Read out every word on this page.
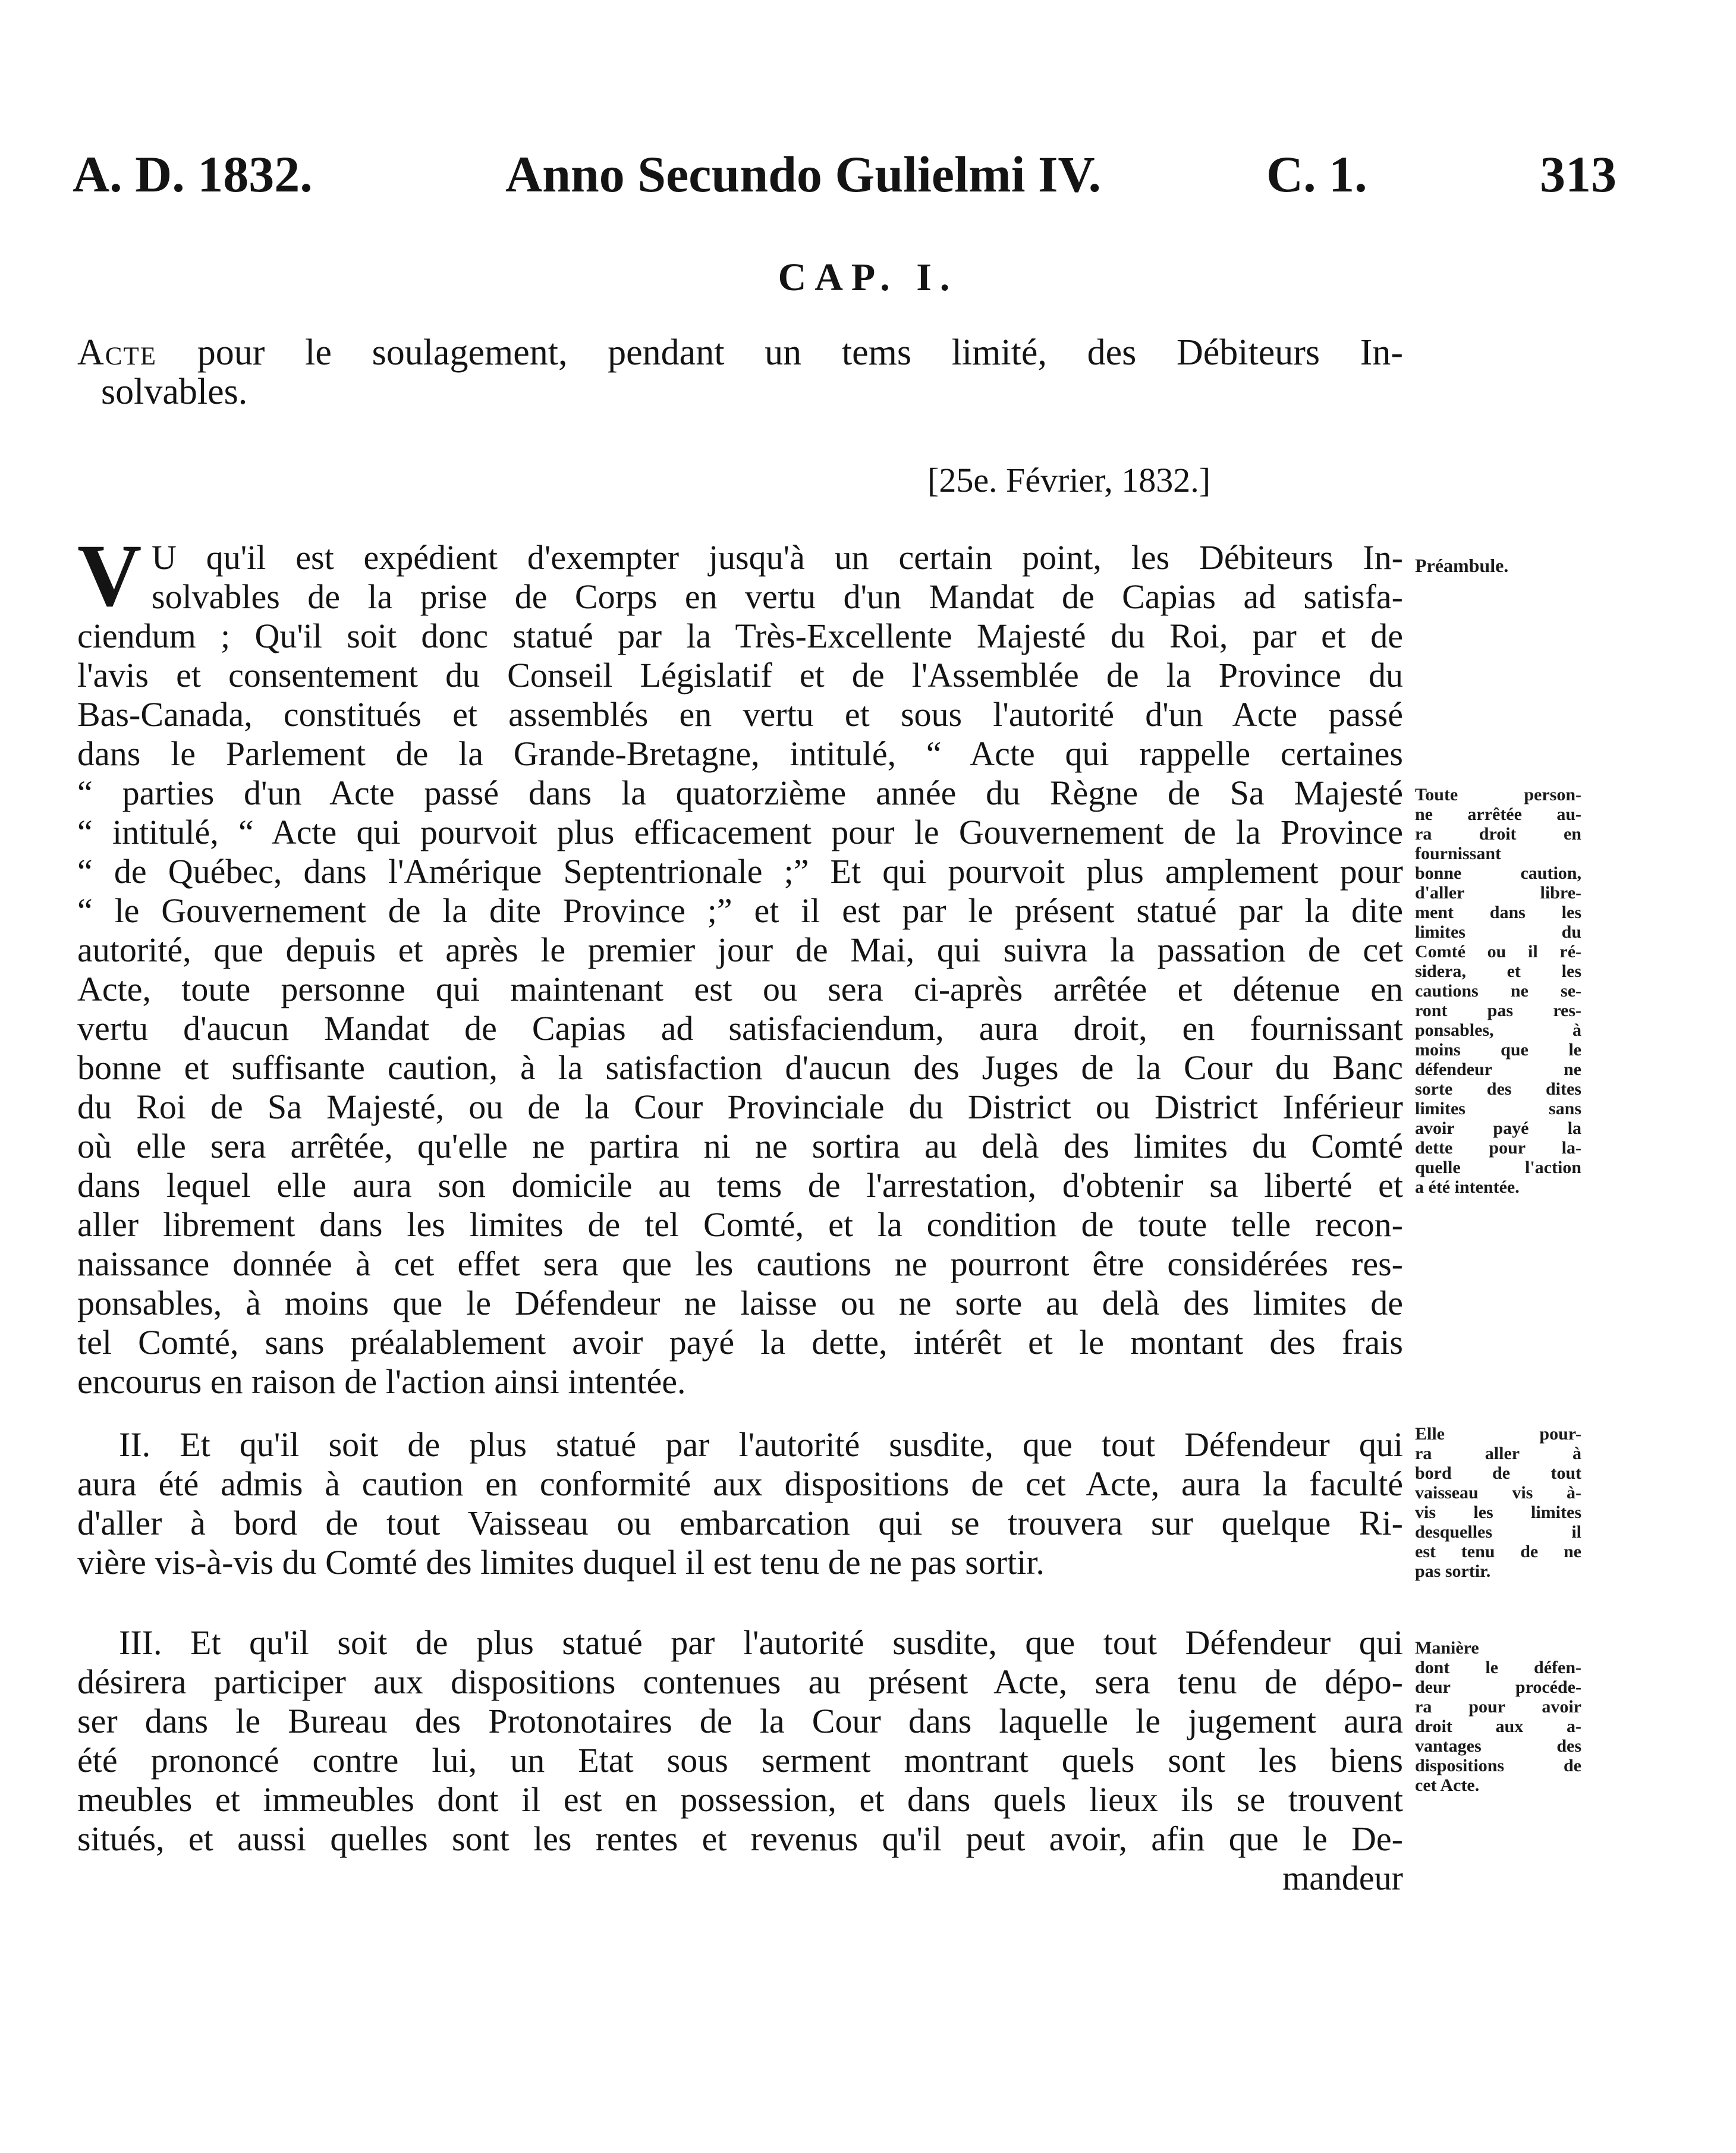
A. D. 1832.	Anno Secundo Gulielmi IV.	C. 1.	313
CAP. I.
Acte pour le soulagement, pendant un tems limité, des Débiteurs In-
solvables.
[25e. Février, 1832.]
V U qu'il est expédient d'exempter jusqu'à un certain point, les Débiteurs In-
solvables de la prise de Corps en vertu d'un Mandat de Capias ad satisfa-
ciendum ; Qu'il soit donc statué par la Très-Excellente Majesté du Roi, par et de
l'avis et consentement du Conseil Législatif et de l'Assemblée de la Province du
Bas-Canada, constitués et assemblés en vertu et sous l'autorité d'un Acte passé
dans le Parlement de la Grande-Bretagne, intitulé, “ Acte qui rappelle certaines
“ parties d'un Acte passé dans la quatorzième année du Règne de Sa Majesté
“ intitulé, “ Acte qui pourvoit plus efficacement pour le Gouvernement de la Province
“ de Québec, dans l'Amérique Septentrionale ;” Et qui pourvoit plus amplement pour
“ le Gouvernement de la dite Province ;” et il est par le présent statué par la dite
autorité, que depuis et après le premier jour de Mai, qui suivra la passation de cet
Acte, toute personne qui maintenant est ou sera ci-après arrêtée et détenue en
vertu d'aucun Mandat de Capias ad satisfaciendum, aura droit, en fournissant
bonne et suffisante caution, à la satisfaction d'aucun des Juges de la Cour du Banc
du Roi de Sa Majesté, ou de la Cour Provinciale du District ou District Inférieur
où elle sera arrêtée, qu'elle ne partira ni ne sortira au delà des limites du Comté
dans lequel elle aura son domicile au tems de l'arrestation, d'obtenir sa liberté et
aller librement dans les limites de tel Comté, et la condition de toute telle recon-
naissance donnée à cet effet sera que les cautions ne pourront être considérées res-
ponsables, à moins que le Défendeur ne laisse ou ne sorte au delà des limites de
tel Comté, sans préalablement avoir payé la dette, intérêt et le montant des frais
encourus en raison de l'action ainsi intentée.
II. Et qu'il soit de plus statué par l'autorité susdite, que tout Défendeur qui
aura été admis à caution en conformité aux dispositions de cet Acte, aura la faculté
d'aller à bord de tout Vaisseau ou embarcation qui se trouvera sur quelque Ri-
vière vis-à-vis du Comté des limites duquel il est tenu de ne pas sortir.
III. Et qu'il soit de plus statué par l'autorité susdite, que tout Défendeur qui
désirera participer aux dispositions contenues au présent Acte, sera tenu de dépo-
ser dans le Bureau des Protonotaires de la Cour dans laquelle le jugement aura
été prononcé contre lui, un Etat sous serment montrant quels sont les biens
meubles et immeubles dont il est en possession, et dans quels lieux ils se trouvent
situés, et aussi quelles sont les rentes et revenus qu'il peut avoir, afin que le De-
mandeur
Préambule.
Toute person-
ne arrêtée au-
ra droit en
fournissant
bonne caution,
d'aller libre-
ment dans les
limites du
Comté ou il ré-
sidera, et les
cautions ne se-
ront pas res-
ponsables, à
moins que le
défendeur ne
sorte des dites
limites sans
avoir payé la
dette pour la-
quelle l'action
a été intentée.
Elle pour-
ra aller à
bord de tout
vaisseau vis à-
vis les limites
desquelles il
est tenu de ne
pas sortir.
Manière
dont le défen-
deur procéde-
ra pour avoir
droit aux a-
vantages des
dispositions de
cet Acte.
